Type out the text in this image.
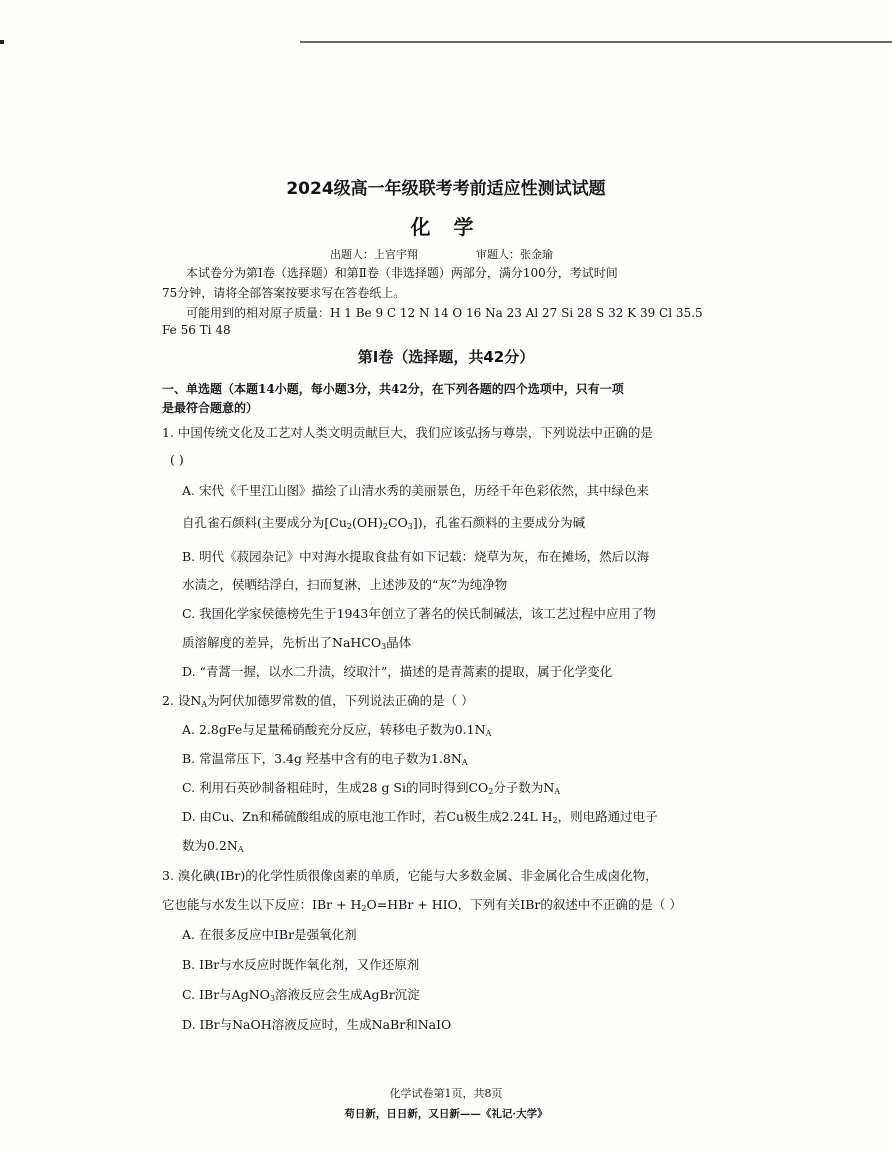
2024级高一年级联考考前适应性测试试题
化 学
出题人：上官宇翔	审题人：张金瑜
本试卷分为第Ⅰ卷（选择题）和第Ⅱ卷（非选择题）两部分，满分100分，考试时间
75分钟，请将全部答案按要求写在答卷纸上。
可能用到的相对原子质量：H 1 Be 9 C 12 N 14 O 16 Na 23 Al 27 Si 28 S 32 K 39 Cl 35.5
Fe 56 Ti 48
第Ⅰ卷（选择题，共42分）
一、单选题（本题14小题，每小题3分，共42分，在下列各题的四个选项中，只有一项
是最符合题意的）
1. 中国传统文化及工艺对人类文明贡献巨大，我们应该弘扬与尊崇，下列说法中正确的是
( )
A. 宋代《千里江山图》描绘了山清水秀的美丽景色，历经千年色彩依然，其中绿色来
自孔雀石颜料(主要成分为$[Cu_2(OH)_2CO_3]$)，孔雀石颜料的主要成分为碱
B. 明代《菽园杂记》中对海水提取食盐有如下记载：烧草为灰，布在摊场，然后以海
水渍之，侯晒结浮白，扫而复淋，上述涉及的“灰”为纯净物
C. 我国化学家侯德榜先生于1943年创立了著名的侯氏制碱法，该工艺过程中应用了物
质溶解度的差异，先析出了NaHCO$_3$晶体
D. “青蒿一握，以水二升渍，绞取汁”，描述的是青蒿素的提取，属于化学变化
2. 设$N_A$为阿伏加德罗常数的值，下列说法正确的是（ ）
A. 2.8gFe与足量稀硝酸充分反应，转移电子数为$0.1N_A$
B. 常温常压下，3.4g 羟基中含有的电子数为$1.8N_A$
C. 利用石英砂制备粗硅时，生成28 g Si的同时得到$CO_2$分子数为$N_A$
D. 由Cu、Zn和稀硫酸组成的原电池工作时，若Cu极生成2.24L $H_2$，则电路通过电子
数为$0.2N_A$
3. 溴化碘(IBr)的化学性质很像卤素的单质，它能与大多数金属、非金属化合生成卤化物，
它也能与水发生以下反应：IBr + $H_2O=HBr$ + HIO，下列有关IBr的叙述中不正确的是（ ）
A. 在很多反应中IBr是强氧化剂
B. IBr与水反应时既作氧化剂，又作还原剂
C. IBr与AgNO$_3$溶液反应会生成AgBr沉淀
D. IBr与NaOH溶液反应时，生成NaBr和NaIO
化学试卷第1页，共8页
苟日新，日日新，又日新——《礼记·大学》
